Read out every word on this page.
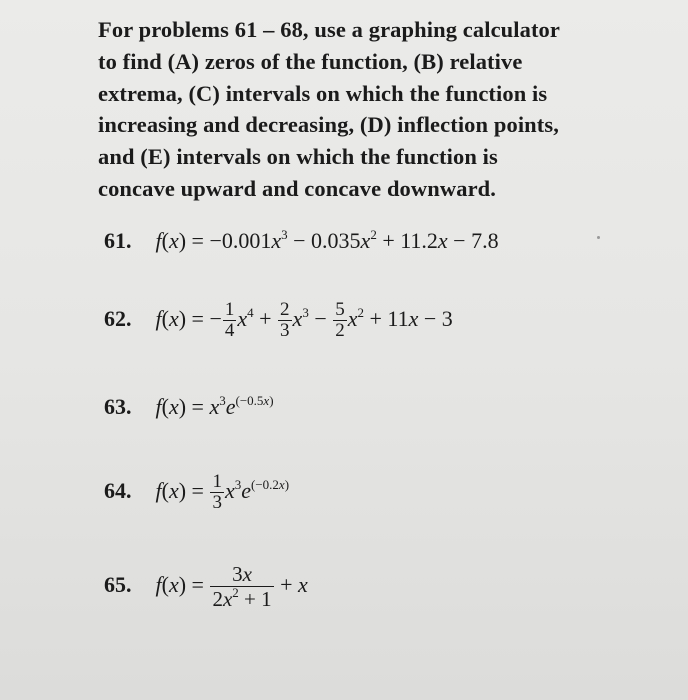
For problems 61 – 68, use a graphing calculator
to find (A) zeros of the function, (B) relative
extrema, (C) intervals on which the function is
increasing and decreasing, (D) inflection points,
and (E) intervals on which the function is
concave upward and concave downward.
61. $f(x) = -0.001x^3 - 0.035x^2 + 11.2x - 7.8$
62. f(x) = − $\frac{1}{4} x^4 + \frac{2}{3} x^3 - \frac{5}{2} x^2 + 11x - 3$
63. $f(x) = x^3e^{(-0.5x)}$
64. $f(x) = \frac{1}{3} x^3e^{(-0.2x)}$
65. $f(x) = \frac{3x}{2x^2 + 1} + x$
